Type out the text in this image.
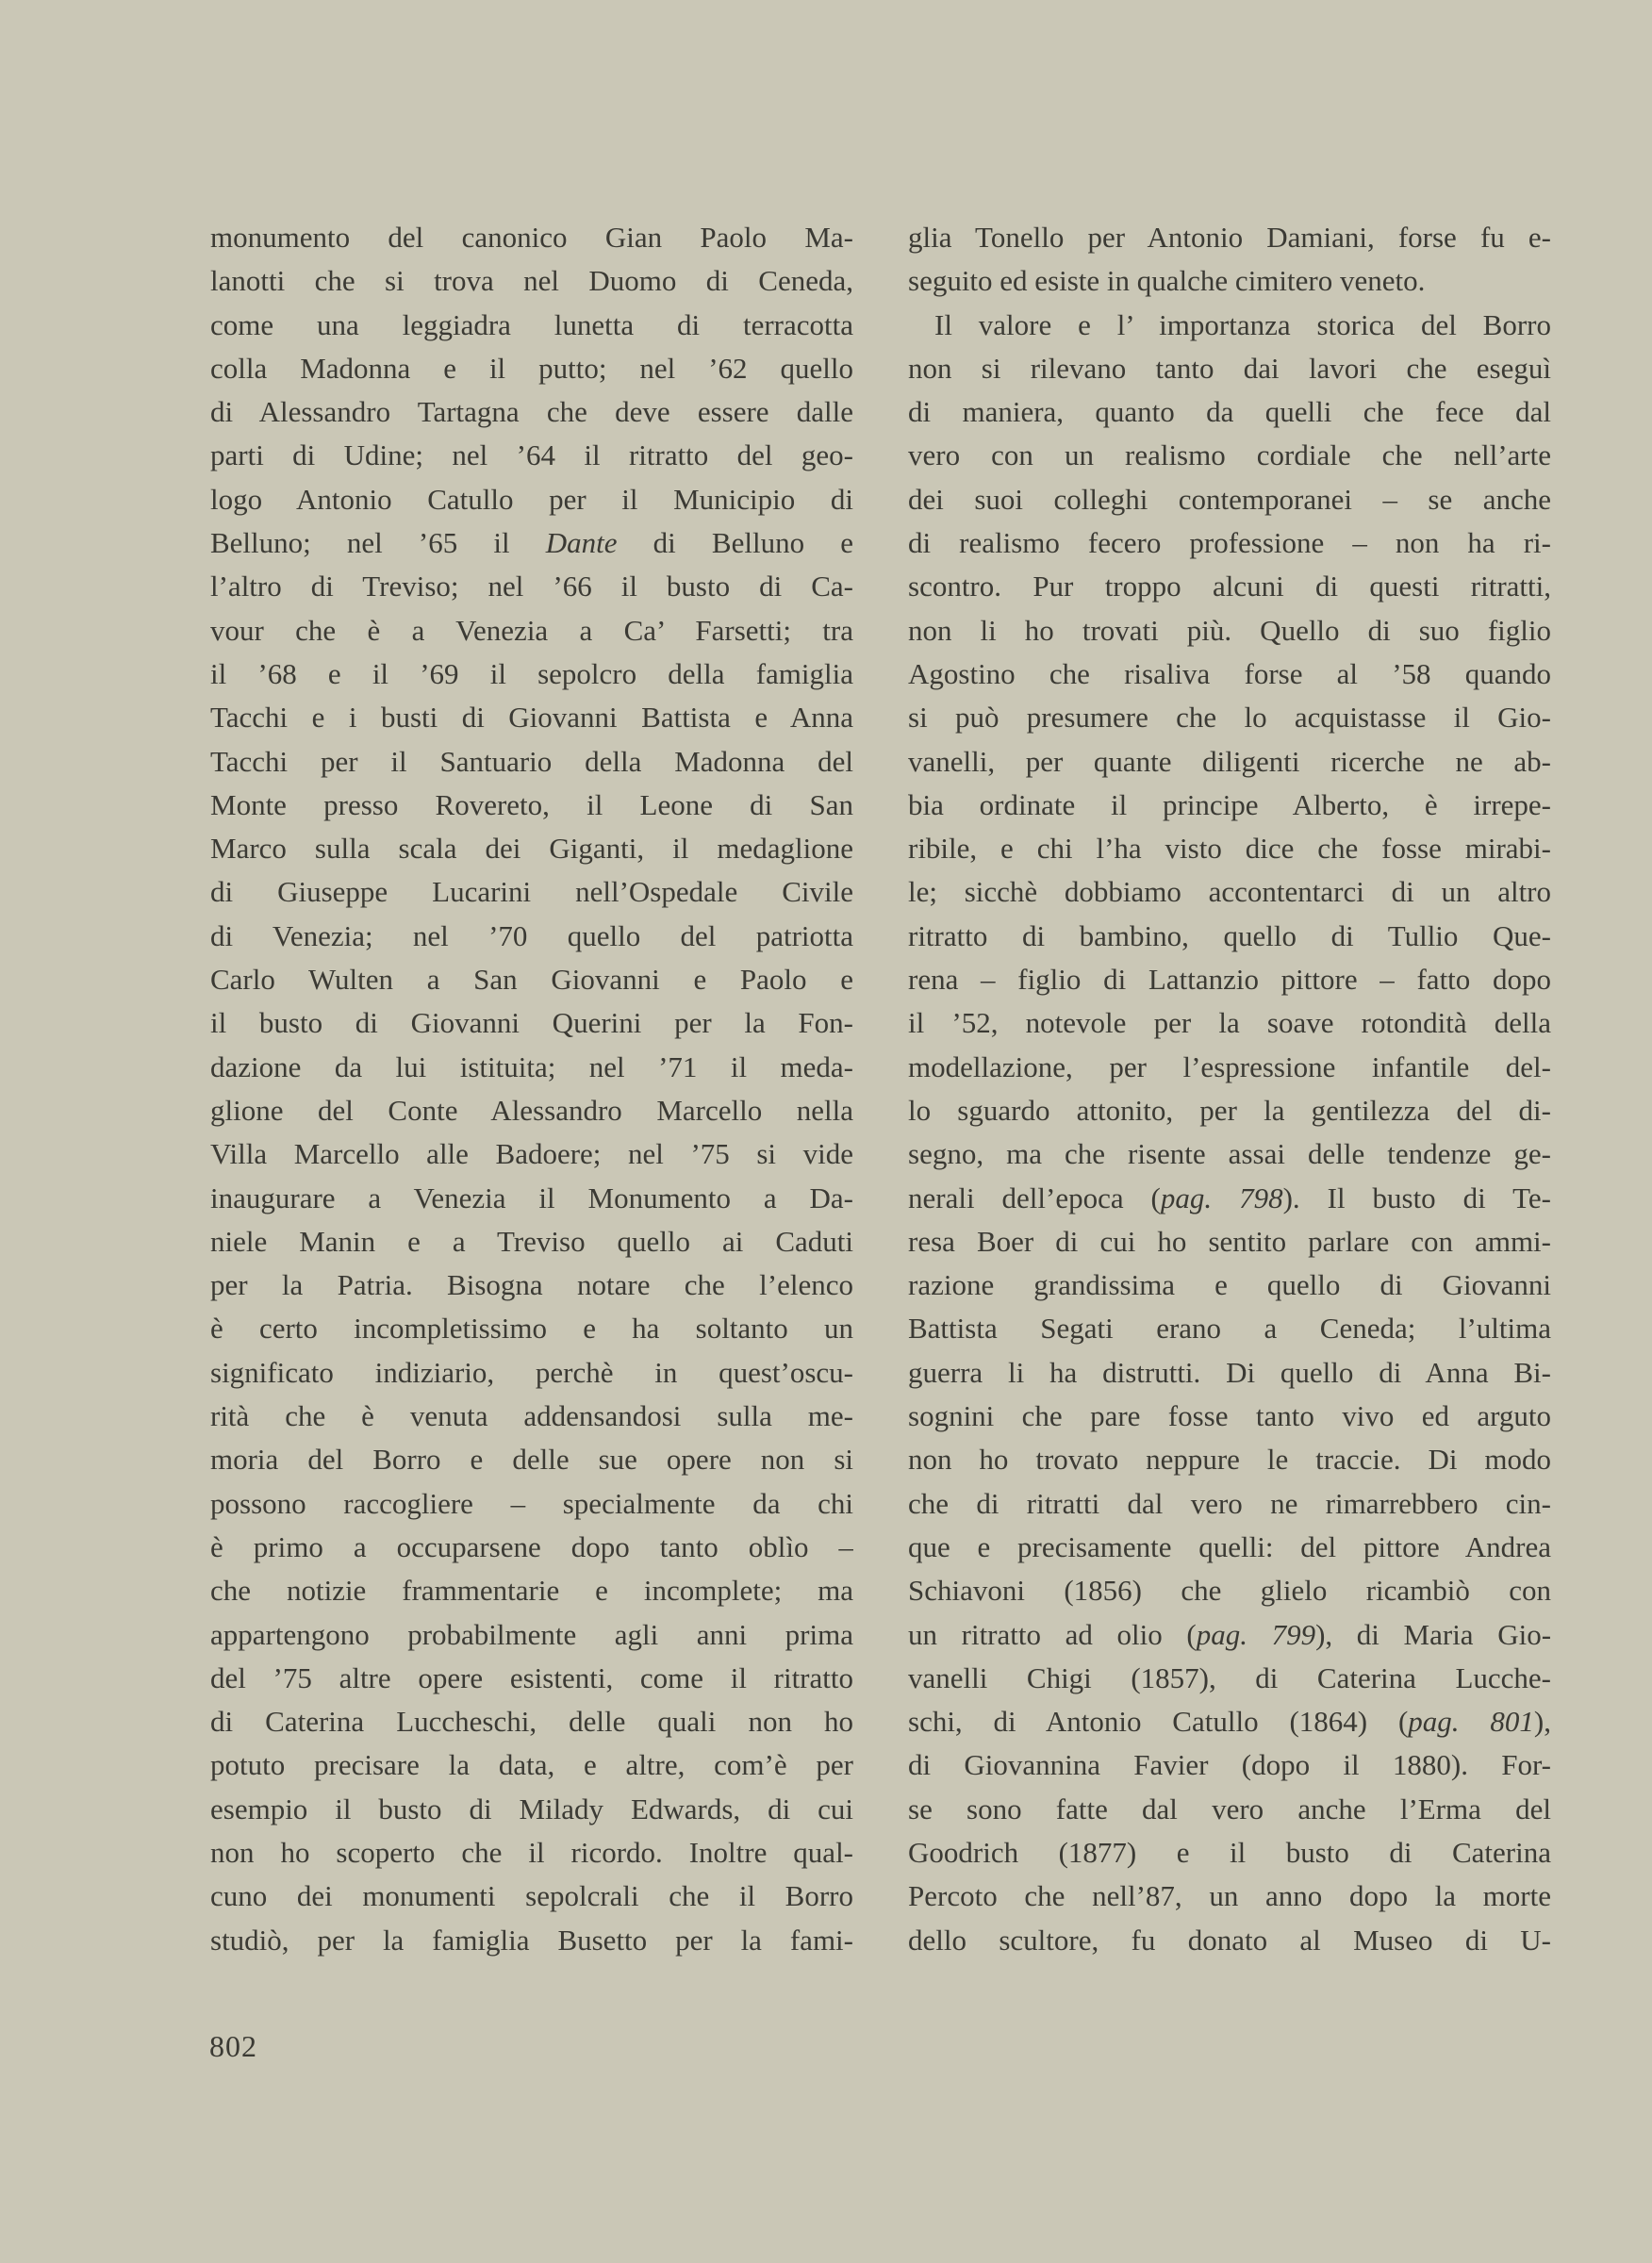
monumento del canonico Gian Paolo Ma-
lanotti che si trova nel Duomo di Ceneda,
come una leggiadra lunetta di terracotta
colla Madonna e il putto; nel ’62 quello
di Alessandro Tartagna che deve essere dalle
parti di Udine; nel ’64 il ritratto del geo-
logo Antonio Catullo per il Municipio di
Belluno; nel ’65 il Dante di Belluno e
l’altro di Treviso; nel ’66 il busto di Ca-
vour che è a Venezia a Ca’ Farsetti; tra
il ’68 e il ’69 il sepolcro della famiglia
Tacchi e i busti di Giovanni Battista e Anna
Tacchi per il Santuario della Madonna del
Monte presso Rovereto, il Leone di San
Marco sulla scala dei Giganti, il medaglione
di Giuseppe Lucarini nell’Ospedale Civile
di Venezia; nel ’70 quello del patriotta
Carlo Wulten a San Giovanni e Paolo e
il busto di Giovanni Querini per la Fon-
dazione da lui istituita; nel ’71 il meda-
glione del Conte Alessandro Marcello nella
Villa Marcello alle Badoere; nel ’75 si vide
inaugurare a Venezia il Monumento a Da-
niele Manin e a Treviso quello ai Caduti
per la Patria. Bisogna notare che l’elenco
è certo incompletissimo e ha soltanto un
significato indiziario, perchè in quest’oscu-
rità che è venuta addensandosi sulla me-
moria del Borro e delle sue opere non si
possono raccogliere – specialmente da chi
è primo a occuparsene dopo tanto oblìo –
che notizie frammentarie e incomplete; ma
appartengono probabilmente agli anni prima
del ’75 altre opere esistenti, come il ritratto
di Caterina Luccheschi, delle quali non ho
potuto precisare la data, e altre, com’è per
esempio il busto di Milady Edwards, di cui
non ho scoperto che il ricordo. Inoltre qual-
cuno dei monumenti sepolcrali che il Borro
studiò, per la famiglia Busetto per la fami-
glia Tonello per Antonio Damiani, forse fu e-
seguito ed esiste in qualche cimitero veneto.
Il valore e l’ importanza storica del Borro
non si rilevano tanto dai lavori che eseguì
di maniera, quanto da quelli che fece dal
vero con un realismo cordiale che nell’arte
dei suoi colleghi contemporanei – se anche
di realismo fecero professione – non ha ri-
scontro. Pur troppo alcuni di questi ritratti,
non li ho trovati più. Quello di suo figlio
Agostino che risaliva forse al ’58 quando
si può presumere che lo acquistasse il Gio-
vanelli, per quante diligenti ricerche ne ab-
bia ordinate il principe Alberto, è irrepe-
ribile, e chi l’ha visto dice che fosse mirabi-
le; sicchè dobbiamo accontentarci di un altro
ritratto di bambino, quello di Tullio Que-
rena – figlio di Lattanzio pittore – fatto dopo
il ’52, notevole per la soave rotondità della
modellazione, per l’espressione infantile del-
lo sguardo attonito, per la gentilezza del di-
segno, ma che risente assai delle tendenze ge-
nerali dell’epoca (pag. 798). Il busto di Te-
resa Boer di cui ho sentito parlare con ammi-
razione grandissima e quello di Giovanni
Battista Segati erano a Ceneda; l’ultima
guerra li ha distrutti. Di quello di Anna Bi-
sognini che pare fosse tanto vivo ed arguto
non ho trovato neppure le traccie. Di modo
che di ritratti dal vero ne rimarrebbero cin-
que e precisamente quelli: del pittore Andrea
Schiavoni (1856) che glielo ricambiò con
un ritratto ad olio (pag. 799), di Maria Gio-
vanelli Chigi (1857), di Caterina Lucche-
schi, di Antonio Catullo (1864) (pag. 801),
di Giovannina Favier (dopo il 1880). For-
se sono fatte dal vero anche l’Erma del
Goodrich (1877) e il busto di Caterina
Percoto che nell’87, un anno dopo la morte
dello scultore, fu donato al Museo di U-
802
